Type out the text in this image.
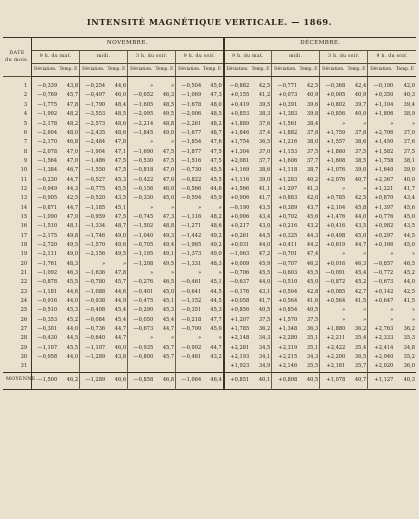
INTENSITÉ MAGNÉTIQUE VERTICALE. — 1869.
DATE
du mois.	NOVEMBRE.								DÉCEMBRE.							
	9 h. du mat.		midi.		3 h. du soir.		9 h. du soir.		9 h. du mat.		midi.		3 h. du soir.		9 h. du soir.	
	Déviation.	Temp. F.	Déviation.	Temp. F.	Déviation.	Temp. F.	Déviation.	Temp. F.	Déviation.	Temp. F.	Déviation.	Temp. F.	Déviation.	Temp. F.	Déviation.	Temp. F.

1	—0,339	43,8	—0,254	44,6	»	»	—0,504	45,0	—0,882	42,5	—0,771	42,5	—0,368	42,4	—0,190	42,0
2	—0,769	45,7	—0,497	46,0	—0,652	46,3	—1,069	47,3	+0,155	41,2	+0,073	40,9	+0,005	40,9	+0,350	40,3
3	—1,775	47,8	—1,790	48,4	—1,605	48,5	—1,678	48,0	+0,419	39,5	+0,391	39,6	+0,802	39,7	+1,104	39,4
4	—1,992	48,2	—3,553	48,5	—2,095	49,5	—2,006	48,5	+0,853	38,3	+1,383	39,8	+0,856	40,0	+1,806	38,9
5	—2,178	48,2	—2,573	48,6	—2,214	48,8	—2,261	48,2	+1,889	37,6	+1,561	38,4	»	»	»	»
6	—2,604	48,0	—2,435	48,6	—1,845	49,0	—1,677	48,7	+1,846	37,4	+1,882	37,8	+1,759	37,8	+2,706	37,0
7	—2,170	46,8	—2,484	47,8	»	»	—1,854	47,6	+1,754	36,5	+1,216	38,0	+1,557	38,6	+1,450	37,6
8	—2,078	47,0	—1,904	47,1	—1,690	47,5	—1,877	47,5	+1,304	37,0	+1,153	37,5	+1,860	37,5	+1,582	37,5
9	—1,564	47,0	—1,486	47,5	—0,530	47,5	—1,516	47,5	+2,081	37,7	+1,606	37,7	+1,608	38,5	+1,758	38,1
10	—1,384	46,7	—1,550	47,5	—0,818	47,0	—0,730	45,5	+1,169	38,6	+1,118	38,7	+1,076	39,0	+1,640	39,0
11	—0,230	44,7	—0,527	45,3	—0,422	47,0	—0,822	45,5	+1,116	39,0	+1,283	40,2	+2,076	40,7	+2,367	40,0
12	—0,949	44,3	—0,775	45,5	—0,156	46,0	—0,566	44,6	+1,566	41,1	+1,297	41,3	»	»	+1,221	41,7
13	—0,905	42,5	—0,520	43,5	—0,330	45,0	—0,594	45,9	+0,906	41,7	+0,883	42,0	+0,785	42,5	+0,870	43,4
14	—0,871	44,7	—1,185	45,1	»	»	»	»	—0,190	43,5	+0,389	43,7	+2,104	45,8	+1,397	45,6
15	—1,090	47,0	—0,959	47,5	—0,745	47,3	—1,116	48,2	+0,006	43,4	+0,702	45,6	+1,476	44,0	+0,776	45,0
16	—1,510	48,1	—1,334	48,7	—1,502	48,8	—1,271	48,6	+0,217	43,0	+0,216	43,2	+0,416	43,5	+0,982	43,5
17	—2,175	49,8	—1,746	49,0	—1,040	49,3	—1,442	49,2	+0,261	44,5	+0,325	44,3	+0,498	45,0	+0,297	44,5
18	—2,720	49,5	—1,570	49,6	—0,705	49,4	—1,965	49,2	+0,031	44,0	+0,411	44,2	+0,619	44,7	+0,166	45,0
19	—2,111	49,0	—2,156	49,5	—1,195	49,1	—1,373	49,0	—1,063	47,2	—0,701	47,4	»	»	»	»
20	—1,761	48,3	»	»	—1,208	49,5	—1,331	48,3	+0,009	45,9	—0,707	46,2	+0,016	46,3	—0,857	46,5
21	—1,092	46,3	—1,636	47,8	»	»	»	»	—0,706	45,5	—0,603	45,5	—0,091	45,4	—0,772	45,2
22	—0,878	45,5	—0,780	45,7	—0,276	46,5	—0,461	45,1	—0,637	44,0	—0,510	45,0	—0,872	45,2	—0,673	44,0
23	—1,181	44,6	—1,088	44,6	—0,401	45,0	—0,641	44,5	—0,176	43,1	+0,504	42,8	+0,085	42,7	+0,142	42,5
24	—0,916	44,0	—0,938	44,9	—0,475	45,1	—1,152	44,5	+0,058	41,7	+0,564	41,6	+0,564	41,5	+0,647	41,5
25	—0,510	45,3	—0,408	45,4	—0,290	45,3	—0,351	45,3	+0,856	40,5	+0,854	40,5	»	»	»	»
26	—0,353	45,2	—0,084	45,4	—0,050	45,4	—0,218	47,7	+1,207	37,5	+1,570	37,5	»	»	»	»
27	—0,301	44,0	—0,736	44,7	—0,673	44,7	—0,700	45,0	+1,785	36,2	+1,348	36,3	+1,880	36,2	+2,763	36,2
28	—0,430	44,5	—0,640	44,7	»	»	»	»	+2,148	34,3	+2,280	35,1	+2,211	35,4	+2,333	35,3
29	—1,107	45,5	—1,107	46,0	—0,935	45,7	—0,902	44,7	+2,281	34,5	+2,319	35,1	+2,422	35,4	+2,414	34,8
30	—0,958	44,0	—1,289	43,8	—0,800	45,7	—0,481	43,2	+2,193	34,1	+2,215	34,3	+2,200	36,5	+2,940	35,2
31									+1,923	34,9	+2,146	35,5	+2,181	35,7	+2,020	36,0
MOYENNE.	—1,500	46,2	—1,289	46,6	—0,858	46,8	—1,064	46,4	+0,851	40,1	+0,808	40,5	+1,078	40,7	+1,127	40,3
